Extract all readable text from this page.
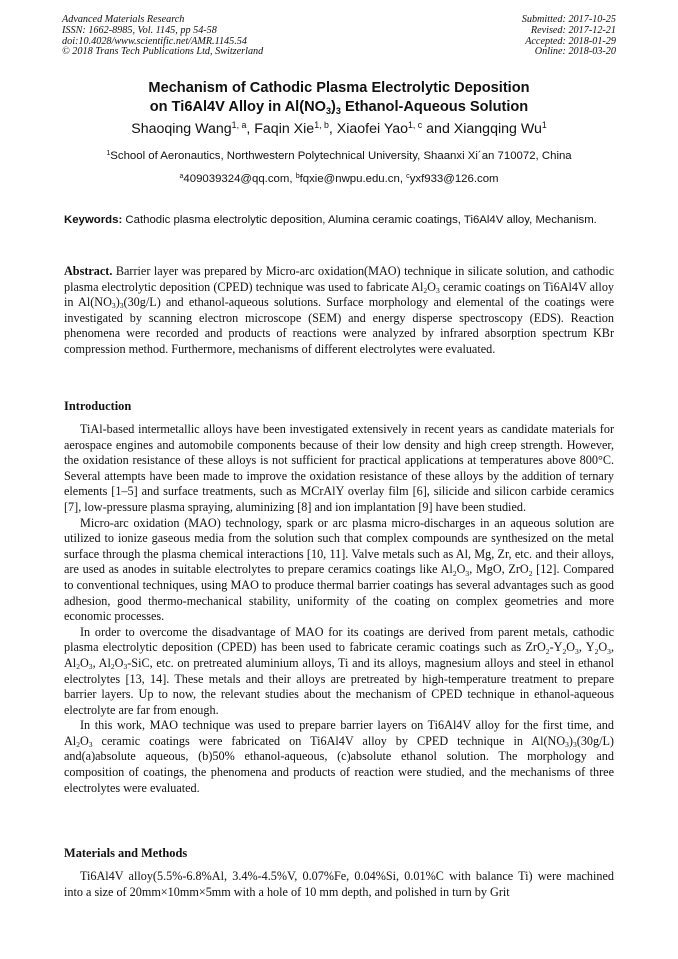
Advanced Materials Research
ISSN: 1662-8985, Vol. 1145, pp 54-58
doi:10.4028/www.scientific.net/AMR.1145.54
© 2018 Trans Tech Publications Ltd, Switzerland
Submitted: 2017-10-25
Revised: 2017-12-21
Accepted: 2018-01-29
Online: 2018-03-20
Mechanism of Cathodic Plasma Electrolytic Deposition
on Ti6Al4V Alloy in $Al(NO_3)_3$ Ethanol-Aqueous Solution
Shaoqing Wang$^{1, a}$, Faqin Xie$^{1, b}$, Xiaofei Yao$^{1, c}$ and Xiangqing Wu$^1$
$^1$School of Aeronautics, Northwestern Polytechnical University, Shaanxi Xi´an 710072, China
$^a$409039324@qq.com, $^b$fqxie@nwpu.edu.cn, $^c$yxf933@126.com
Keywords: Cathodic plasma electrolytic deposition, Alumina ceramic coatings, Ti6Al4V alloy, Mechanism.
Abstract. Barrier layer was prepared by Micro-arc oxidation(MAO) technique in silicate solution, and cathodic plasma electrolytic deposition (CPED) technique was used to fabricate $Al_2O_3$ ceramic coatings on Ti6Al4V alloy in $Al(NO_3)_3(30g/L)$ and ethanol-aqueous solutions. Surface morphology and elemental of the coatings were investigated by scanning electron microscope (SEM) and energy disperse spectroscopy (EDS). Reaction phenomena were recorded and products of reactions were analyzed by infrared absorption spectrum KBr compression method. Furthermore, mechanisms of different electrolytes were evaluated.
Introduction

TiAl-based intermetallic alloys have been investigated extensively in recent years as candidate materials for aerospace engines and automobile components because of their low density and high creep strength. However, the oxidation resistance of these alloys is not sufficient for practical applications at temperatures above 800°C. Several attempts have been made to improve the oxidation resistance of these alloys by the addition of ternary elements [1–5] and surface treatments, such as MCrAlY overlay film [6], silicide and silicon carbide ceramics [7], low-pressure plasma spraying, aluminizing [8] and ion implantation [9] have been studied.

Micro-arc oxidation (MAO) technology, spark or arc plasma micro-discharges in an aqueous solution are utilized to ionize gaseous media from the solution such that complex compounds are synthesized on the metal surface through the plasma chemical interactions [10, 11]. Valve metals such as Al, Mg, Zr, etc. and their alloys, are used as anodes in suitable electrolytes to prepare ceramics coatings like $Al_2O_3$, MgO, ZrO$_2$ [12]. Compared to conventional techniques, using MAO to produce thermal barrier coatings has several advantages such as good adhesion, good thermo-mechanical stability, uniformity of the coating on complex geometries and more economic processes.

In order to overcome the disadvantage of MAO for its coatings are derived from parent metals, cathodic plasma electrolytic deposition (CPED) has been used to fabricate ceramic coatings such as $ZrO_2-Y_2O_3$, $Y_2O_3$, $Al_2O_3$, $Al_2O_3$-SiC, etc. on pretreated aluminium alloys, Ti and its alloys, magnesium alloys and steel in ethanol electrolytes [13, 14]. These metals and their alloys are pretreated by high-temperature treatment to prepare barrier layers. Up to now, the relevant studies about the mechanism of CPED technique in ethanol-aqueous electrolyte are far from enough.

In this work, MAO technique was used to prepare barrier layers on Ti6Al4V alloy for the first time, and $Al_2O_3$ ceramic coatings were fabricated on Ti6Al4V alloy by CPED technique in $Al(NO_3)_3(30g/L)$ and(a)absolute aqueous, (b)50% ethanol-aqueous, (c)absolute ethanol solution. The morphology and composition of coatings, the phenomena and products of reaction were studied, and the mechanisms of three electrolytes were evaluated.

Materials and Methods

Ti6Al4V alloy(5.5%-6.8%Al, 3.4%-4.5%V, 0.07%Fe, 0.04%Si, 0.01%C with balance Ti) were machined into a size of 20mm×10mm×5mm with a hole of 10 mm depth, and polished in turn by Grit
